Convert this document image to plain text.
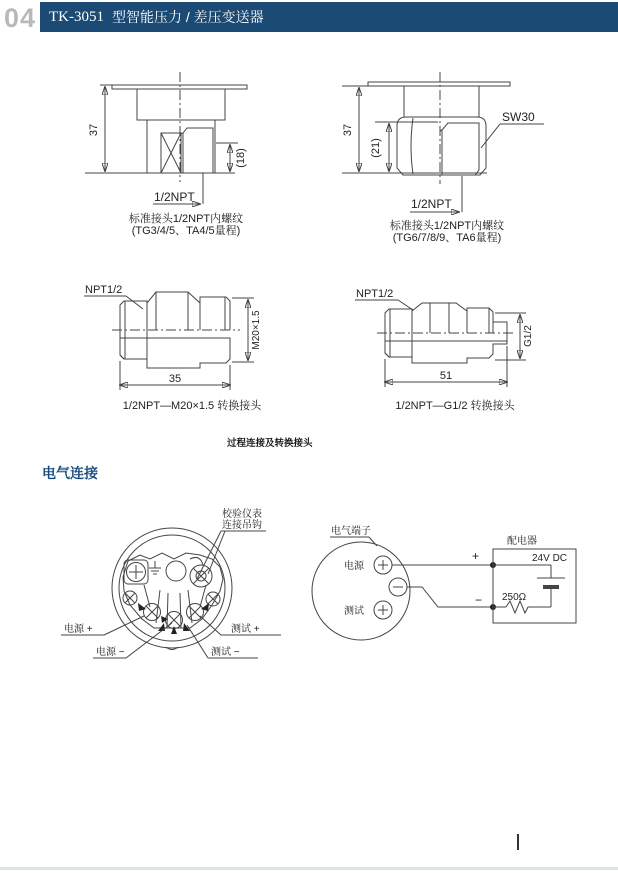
04 TK-3051 型智能压力 / 差压变送器
37
(18)
1/2NPT
标准接头1/2NPT内螺纹
(TG3/4/5、TA4/5量程)
37
(21)
SW30
1/2NPT
标准接头1/2NPT内螺纹
(TG6/7/8/9、TA6量程)
NPT1/2
35
M20×1.5
1/2NPT—M20×1.5 转换接头
NPT1/2
G1/2
51
1/2NPT—G1/2 转换接头
过程连接及转换接头
电气连接
校验仪表
连接吊钩
电源 +
电源 −
测试 +
测试 −
电气端子
电源
测试
+
−
配电器
24V DC
250Ω
